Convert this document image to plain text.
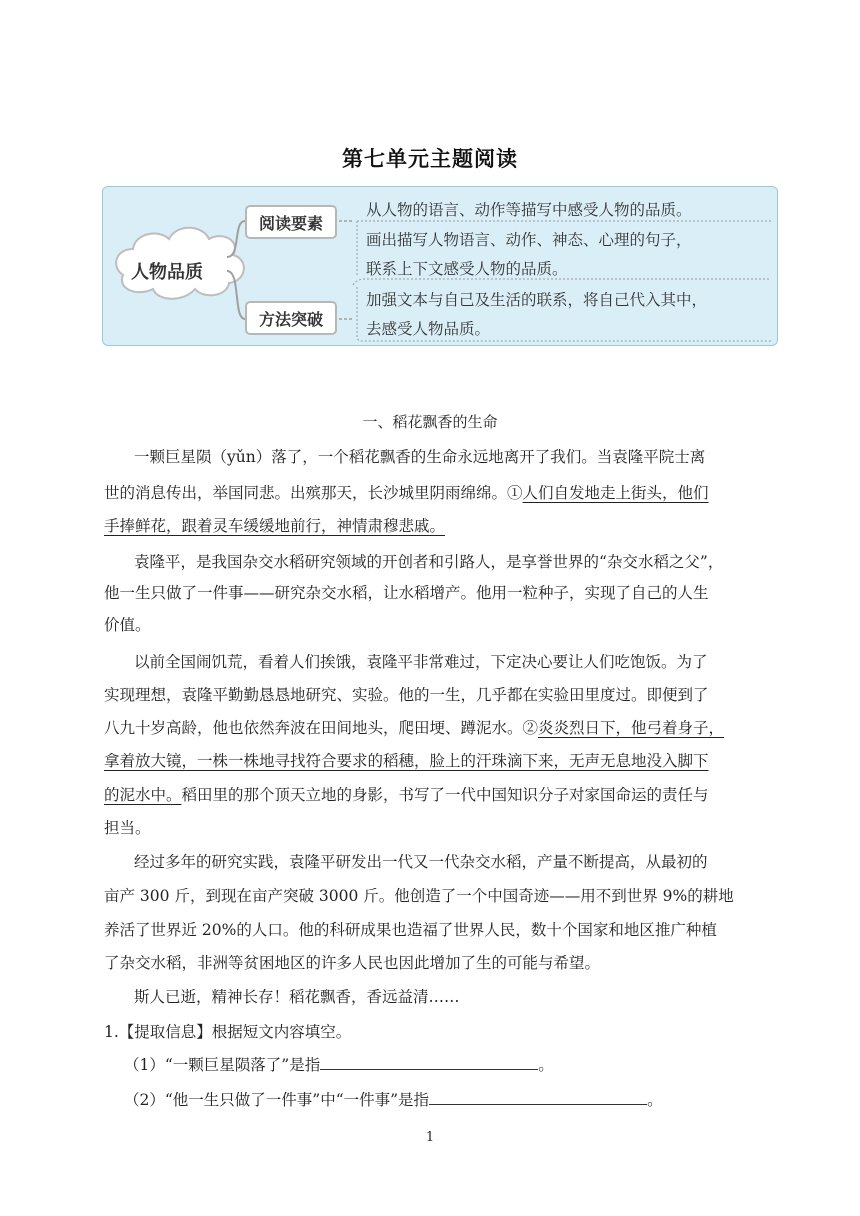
第七单元主题阅读
人物品质
阅读要素
方法突破
从人物的语言、动作等描写中感受人物的品质。
画出描写人物语言、动作、神态、心理的句子，
联系上下文感受人物的品质。
加强文本与自己及生活的联系，将自己代入其中，
去感受人物品质。
一、稻花飘香的生命
一颗巨星陨（yǔn）落了，一个稻花飘香的生命永远地离开了我们。当袁隆平院士离
世的消息传出，举国同悲。出殡那天，长沙城里阴雨绵绵。①人们自发地走上街头，他们
手捧鲜花，跟着灵车缓缓地前行，神情肃穆悲戚。
袁隆平，是我国杂交水稻研究领域的开创者和引路人，是享誉世界的“杂交水稻之父”，
他一生只做了一件事——研究杂交水稻，让水稻增产。他用一粒种子，实现了自己的人生
价值。
以前全国闹饥荒，看着人们挨饿，袁隆平非常难过，下定决心要让人们吃饱饭。为了
实现理想，袁隆平勤勤恳恳地研究、实验。他的一生，几乎都在实验田里度过。即便到了
八九十岁高龄，他也依然奔波在田间地头，爬田埂、蹲泥水。②炎炎烈日下，他弓着身子，
拿着放大镜，一株一株地寻找符合要求的稻穗，脸上的汗珠滴下来，无声无息地没入脚下
的泥水中。稻田里的那个顶天立地的身影，书写了一代中国知识分子对家国命运的责任与
担当。
经过多年的研究实践，袁隆平研发出一代又一代杂交水稻，产量不断提高，从最初的
亩产 300 斤，到现在亩产突破 3000 斤。他创造了一个中国奇迹——用不到世界 9%的耕地
养活了世界近 20%的人口。他的科研成果也造福了世界人民，数十个国家和地区推广种植
了杂交水稻，非洲等贫困地区的许多人民也因此增加了生的可能与希望。
斯人已逝，精神长存！稻花飘香，香远益清……
1.【提取信息】根据短文内容填空。
（1）“一颗巨星陨落了”是指	。
（2）“他一生只做了一件事”中“一件事”是指	。
1
